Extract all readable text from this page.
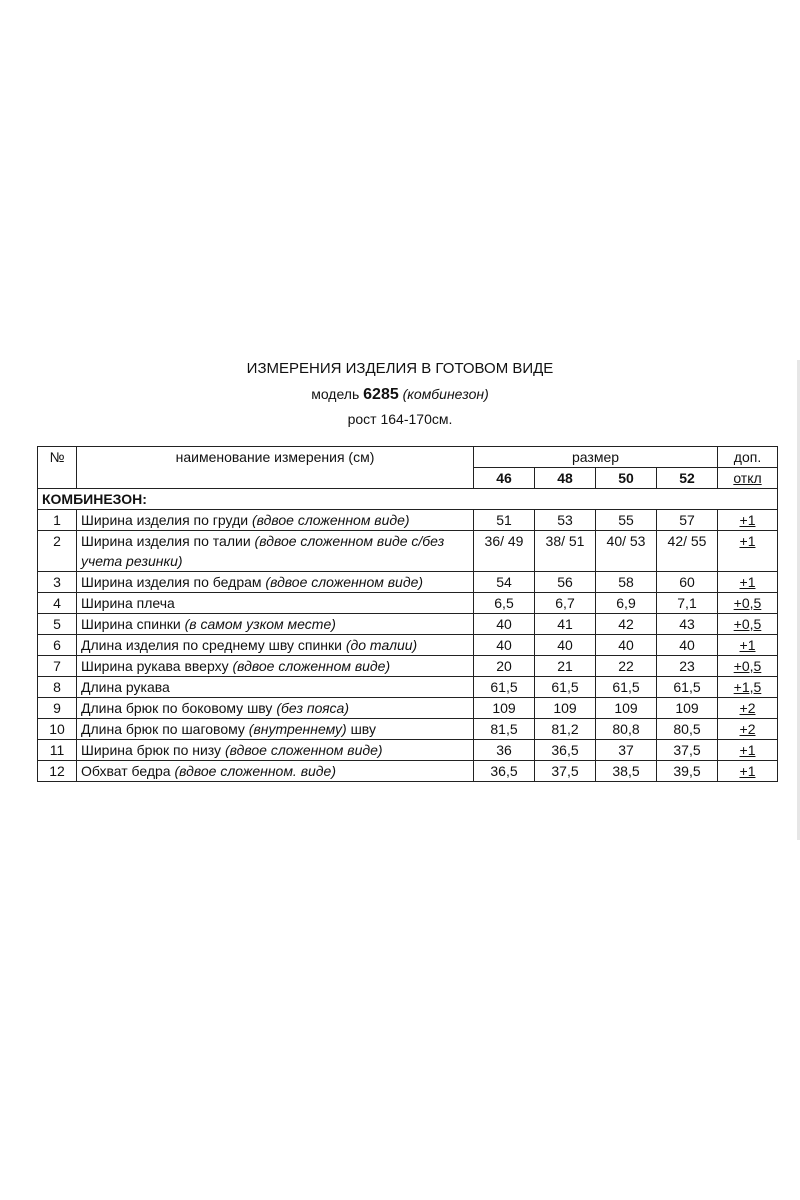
ИЗМЕРЕНИЯ ИЗДЕЛИЯ В ГОТОВОМ ВИДЕ
модель 6285 (комбинезон)
рост 164-170см.
№	наименование измерения (см)	размер				доп.
		46	48	50	52	откл
КОМБИНЕЗОН:						
1	Ширина изделия по груди (вдвое сложенном виде)	51	53	55	57	+1
2	Ширина изделия по талии (вдвое сложенном виде с/без учета резинки)	36/ 49	38/ 51	40/ 53	42/ 55	+1
3	Ширина изделия по бедрам (вдвое сложенном виде)	54	56	58	60	+1
4	Ширина плеча	6,5	6,7	6,9	7,1	+0,5
5	Ширина спинки (в самом узком месте)	40	41	42	43	+0,5
6	Длина изделия по среднему шву спинки (до талии)	40	40	40	40	+1
7	Ширина рукава вверху (вдвое сложенном виде)	20	21	22	23	+0,5
8	Длина рукава	61,5	61,5	61,5	61,5	+1,5
9	Длина брюк по боковому шву (без пояса)	109	109	109	109	+2
10	Длина брюк по шаговому (внутреннему) шву	81,5	81,2	80,8	80,5	+2
11	Ширина брюк по низу (вдвое сложенном виде)	36	36,5	37	37,5	+1
12	Обхват бедра (вдвое сложенном. виде)	36,5	37,5	38,5	39,5	+1
